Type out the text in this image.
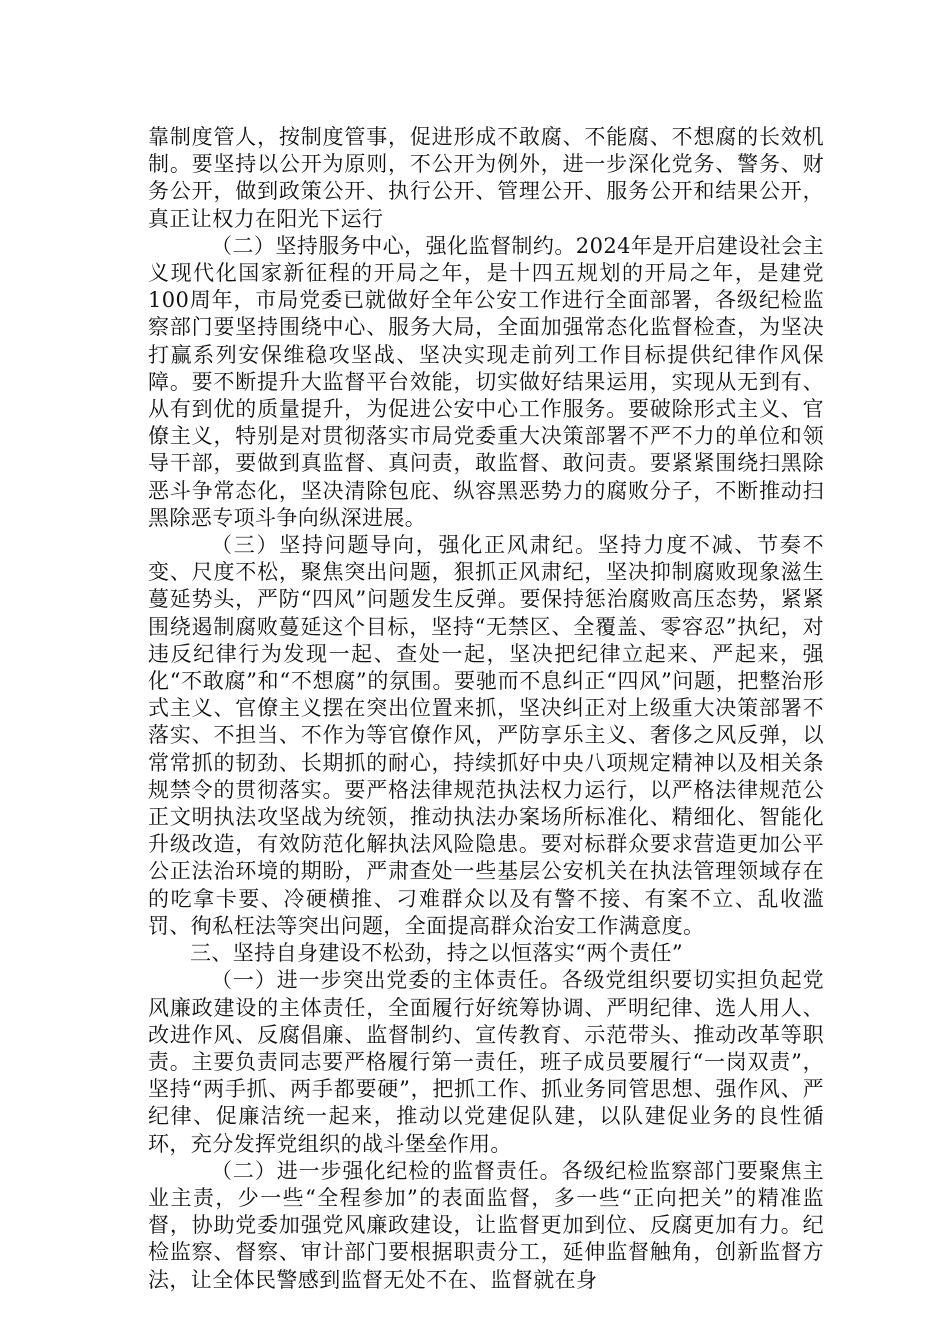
靠制度管人，按制度管事，促进形成不敢腐、不能腐、不想腐的长效机制。要坚持以公开为原则，不公开为例外，进一步深化党务、警务、财务公开，做到政策公开、执行公开、管理公开、服务公开和结果公开，真正让权力在阳光下运行

（二）坚持服务中心，强化监督制约。2024年是开启建设社会主义现代化国家新征程的开局之年，是十四五规划的开局之年，是建党100周年，市局党委已就做好全年公安工作进行全面部署，各级纪检监察部门要坚持围绕中心、服务大局，全面加强常态化监督检查，为坚决打赢系列安保维稳攻坚战、坚决实现走前列工作目标提供纪律作风保障。要不断提升大监督平台效能，切实做好结果运用，实现从无到有、从有到优的质量提升，为促进公安中心工作服务。要破除形式主义、官僚主义，特别是对贯彻落实市局党委重大决策部署不严不力的单位和领导干部，要做到真监督、真问责，敢监督、敢问责。要紧紧围绕扫黑除恶斗争常态化，坚决清除包庇、纵容黑恶势力的腐败分子，不断推动扫黑除恶专项斗争向纵深进展。

（三）坚持问题导向，强化正风肃纪。坚持力度不减、节奏不变、尺度不松，聚焦突出问题，狠抓正风肃纪，坚决抑制腐败现象滋生蔓延势头，严防“四风”问题发生反弹。要保持惩治腐败高压态势，紧紧围绕遏制腐败蔓延这个目标，坚持“无禁区、全覆盖、零容忍”执纪，对违反纪律行为发现一起、查处一起，坚决把纪律立起来、严起来，强化“不敢腐”和“不想腐”的氛围。要驰而不息纠正“四风”问题，把整治形式主义、官僚主义摆在突出位置来抓，坚决纠正对上级重大决策部署不落实、不担当、不作为等官僚作风，严防享乐主义、奢侈之风反弹，以常常抓的韧劲、长期抓的耐心，持续抓好中央八项规定精神以及相关条规禁令的贯彻落实。要严格法律规范执法权力运行，以严格法律规范公正文明执法攻坚战为统领，推动执法办案场所标准化、精细化、智能化升级改造，有效防范化解执法风险隐患。要对标群众要求营造更加公平公正法治环境的期盼，严肃查处一些基层公安机关在执法管理领域存在的吃拿卡要、冷硬横推、刁难群众以及有警不接、有案不立、乱收滥罚、徇私枉法等突出问题，全面提高群众治安工作满意度。

三、坚持自身建设不松劲，持之以恒落实“两个责任”

（一）进一步突出党委的主体责任。各级党组织要切实担负起党风廉政建设的主体责任，全面履行好统筹协调、严明纪律、选人用人、改进作风、反腐倡廉、监督制约、宣传教育、示范带头、推动改革等职责。主要负责同志要严格履行第一责任，班子成员要履行“一岗双责”，坚持“两手抓、两手都要硬”，把抓工作、抓业务同管思想、强作风、严纪律、促廉洁统一起来，推动以党建促队建，以队建促业务的良性循环，充分发挥党组织的战斗堡垒作用。

（二）进一步强化纪检的监督责任。各级纪检监察部门要聚焦主业主责，少一些“全程参加”的表面监督，多一些“正向把关”的精准监督，协助党委加强党风廉政建设，让监督更加到位、反腐更加有力。纪检监察、督察、审计部门要根据职责分工，延伸监督触角，创新监督方法，让全体民警感到监督无处不在、监督就在身
